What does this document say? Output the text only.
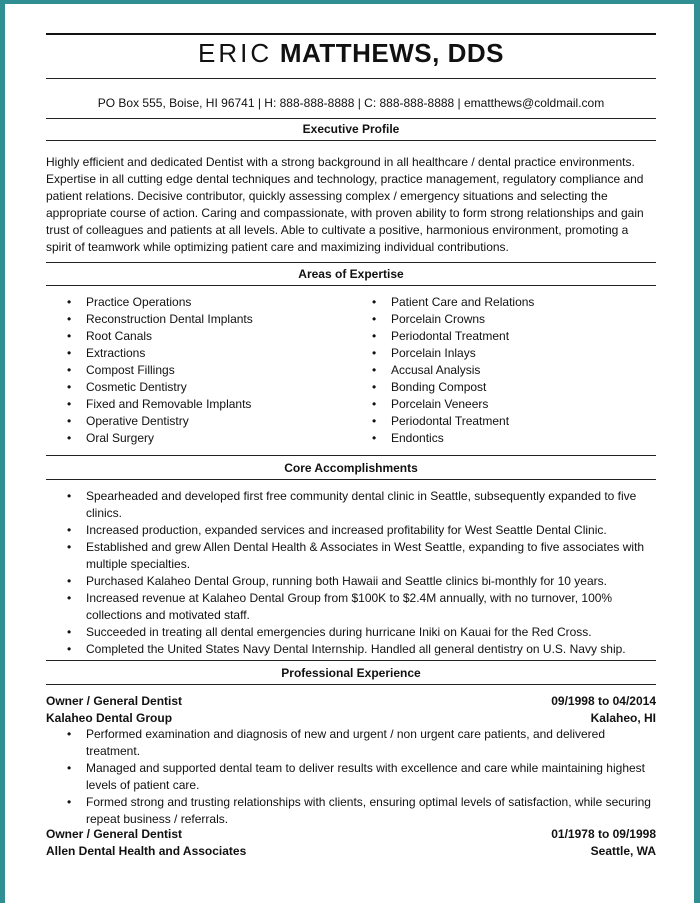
ERIC MATTHEWS, DDS
PO Box 555, Boise, HI 96741 | H: 888-888-8888 | C: 888-888-8888 | ematthews@coldmail.com
Executive Profile

Highly efficient and dedicated Dentist with a strong background in all healthcare / dental practice environments. Expertise in all cutting edge dental techniques and technology, practice management, regulatory compliance and patient relations. Decisive contributor, quickly assessing complex / emergency situations and selecting the appropriate course of action. Caring and compassionate, with proven ability to form strong relationships and gain trust of colleagues and patients at all levels. Able to cultivate a positive, harmonious environment, promoting a spirit of teamwork while optimizing patient care and maximizing individual contributions.

Areas of Expertise
• Practice Operations
• Reconstruction Dental Implants
• Root Canals
• Extractions
• Compost Fillings
• Cosmetic Dentistry
• Fixed and Removable Implants
• Operative Dentistry
• Oral Surgery
• Patient Care and Relations
• Porcelain Crowns
• Periodontal Treatment
• Porcelain Inlays
• Accusal Analysis
• Bonding Compost
• Porcelain Veneers
• Periodontal Treatment
• Endontics
Core Accomplishments
• Spearheaded and developed first free community dental clinic in Seattle, subsequently expanded to five clinics.
• Increased production, expanded services and increased profitability for West Seattle Dental Clinic.
• Established and grew Allen Dental Health & Associates in West Seattle, expanding to five associates with multiple specialties.
• Purchased Kalaheo Dental Group, running both Hawaii and Seattle clinics bi-monthly for 10 years.
• Increased revenue at Kalaheo Dental Group from $100K to $2.4M annually, with no turnover, 100% collections and motivated staff.
• Succeeded in treating all dental emergencies during hurricane Iniki on Kauai for the Red Cross.
• Completed the United States Navy Dental Internship. Handled all general dentistry on U.S. Navy ship.
Professional Experience
Owner / General Dentist	09/1998 to 04/2014
Kalaheo Dental Group	Kalaheo, HI
• Performed examination and diagnosis of new and urgent / non urgent care patients, and delivered treatment.
• Managed and supported dental team to deliver results with excellence and care while maintaining highest levels of patient care.
• Formed strong and trusting relationships with clients, ensuring optimal levels of satisfaction, while securing repeat business / referrals.
Owner / General Dentist	01/1978 to 09/1998
Allen Dental Health and Associates	Seattle, WA
